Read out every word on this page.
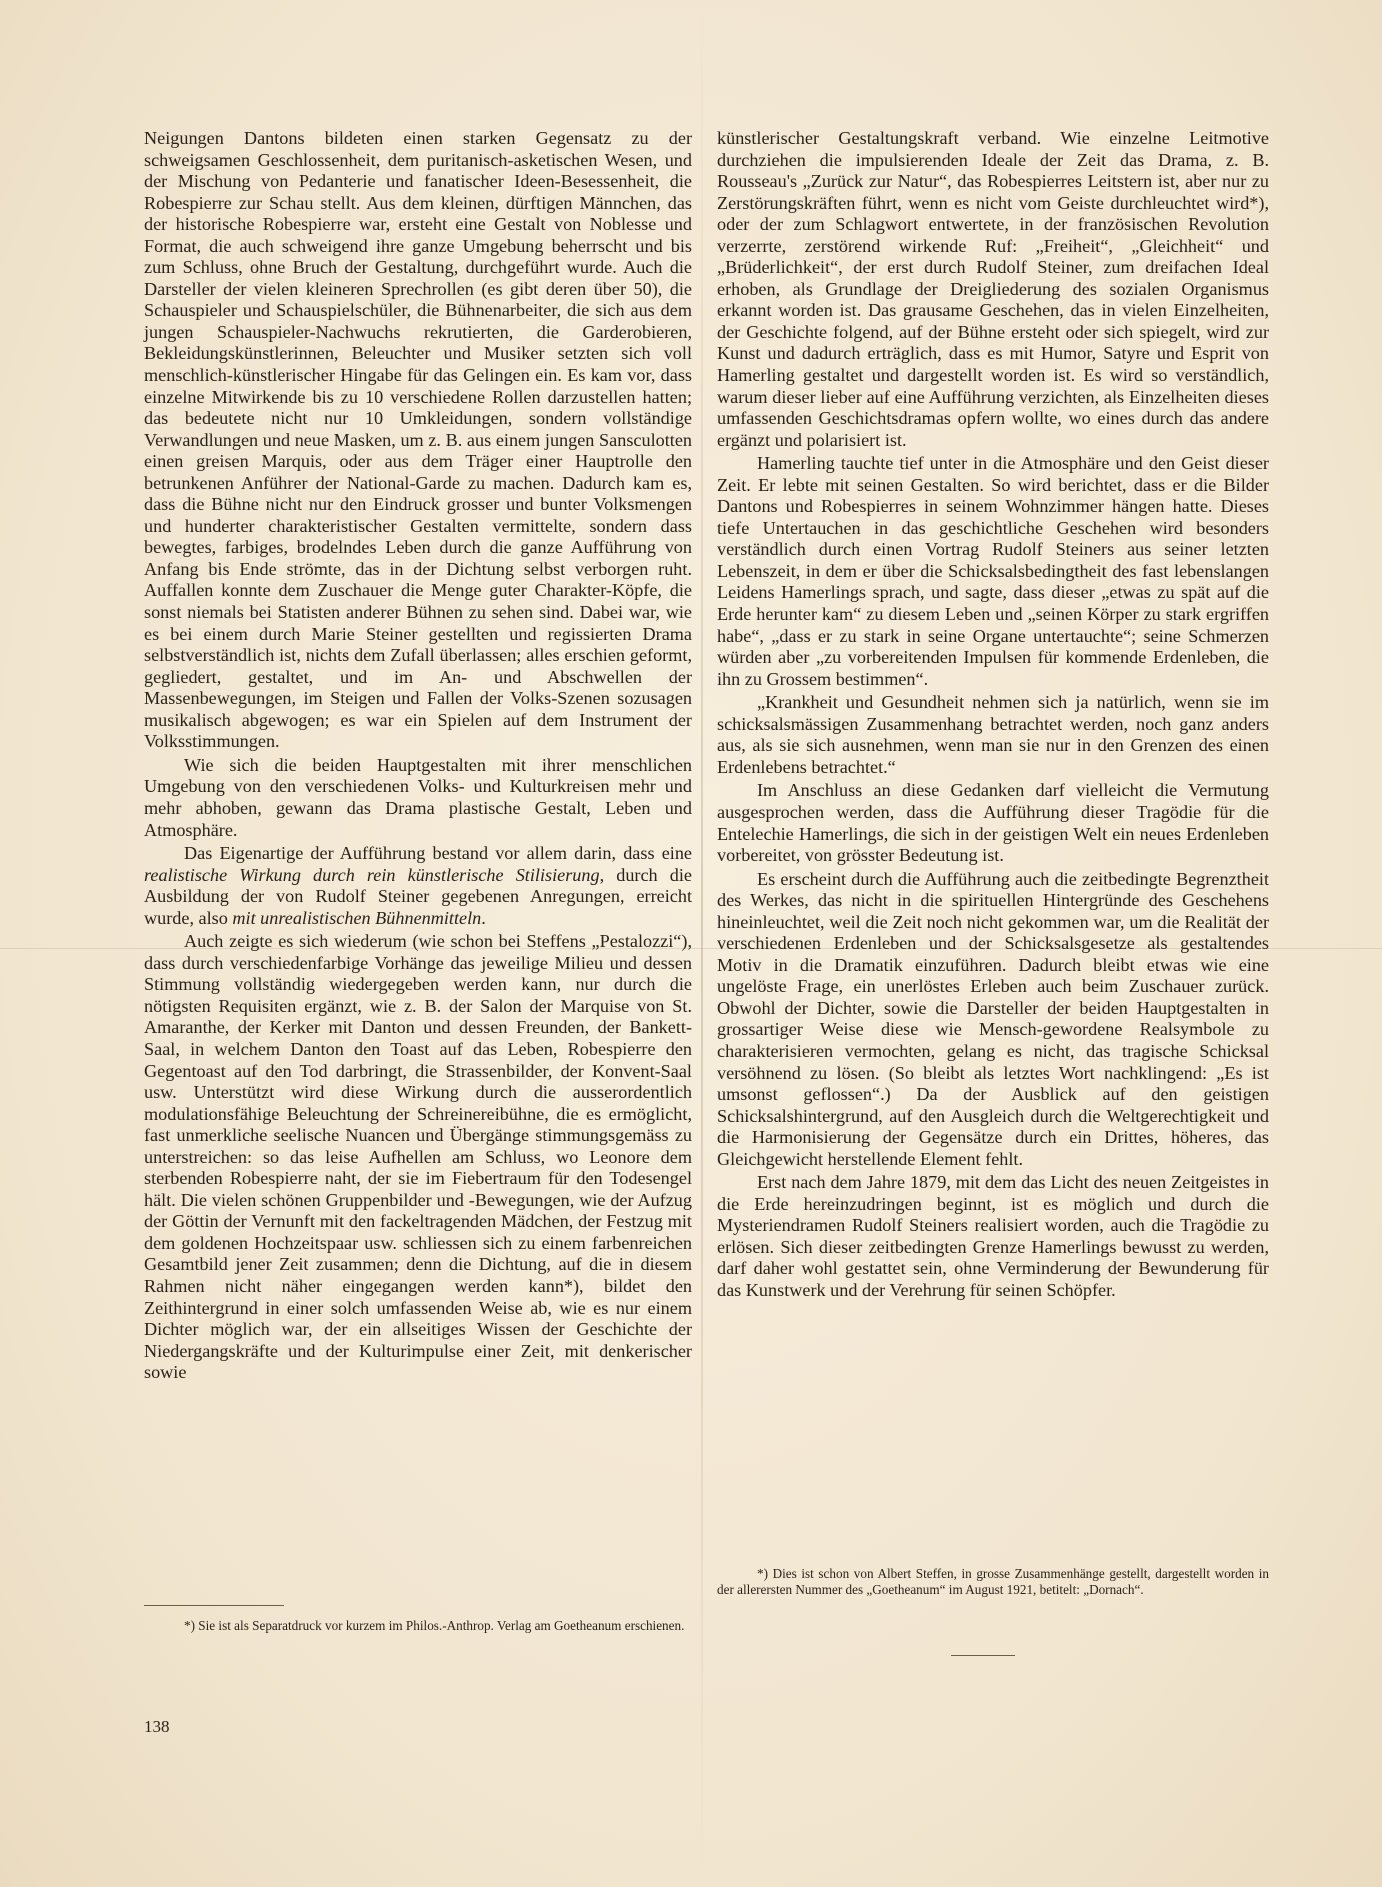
Neigungen Dantons bildeten einen starken Gegensatz zu der schweigsamen Geschlossenheit, dem puritanisch-asketischen Wesen, und der Mischung von Pedanterie und fanatischer Ideen-Besessenheit, die Robespierre zur Schau stellt. Aus dem kleinen, dürftigen Männchen, das der historische Robespierre war, ersteht eine Gestalt von Noblesse und Format, die auch schweigend ihre ganze Umgebung beherrscht und bis zum Schluss, ohne Bruch der Gestaltung, durchgeführt wurde. Auch die Darsteller der vielen kleineren Sprechrollen (es gibt deren über 50), die Schauspieler und Schauspielschüler, die Bühnenarbeiter, die sich aus dem jungen Schauspieler-Nachwuchs rekrutierten, die Garderobieren, Bekleidungskünstlerinnen, Beleuchter und Musiker setzten sich voll menschlich-künstlerischer Hingabe für das Gelingen ein. Es kam vor, dass einzelne Mitwirkende bis zu 10 verschiedene Rollen darzustellen hatten; das bedeutete nicht nur 10 Umkleidungen, sondern vollständige Verwandlungen und neue Masken, um z. B. aus einem jungen Sansculotten einen greisen Marquis, oder aus dem Träger einer Hauptrolle den betrunkenen Anführer der National-Garde zu machen. Dadurch kam es, dass die Bühne nicht nur den Eindruck grosser und bunter Volksmengen und hunderter charakteristischer Gestalten vermittelte, sondern dass bewegtes, farbiges, brodelndes Leben durch die ganze Aufführung von Anfang bis Ende strömte, das in der Dichtung selbst verborgen ruht. Auffallen konnte dem Zuschauer die Menge guter Charakter-Köpfe, die sonst niemals bei Statisten anderer Bühnen zu sehen sind. Dabei war, wie es bei einem durch Marie Steiner gestellten und regissierten Drama selbstverständlich ist, nichts dem Zufall überlassen; alles erschien geformt, gegliedert, gestaltet, und im An- und Abschwellen der Massenbewegungen, im Steigen und Fallen der Volks-Szenen sozusagen musikalisch abgewogen; es war ein Spielen auf dem Instrument der Volksstimmungen.

Wie sich die beiden Hauptgestalten mit ihrer menschlichen Umgebung von den verschiedenen Volks- und Kulturkreisen mehr und mehr abhoben, gewann das Drama plastische Gestalt, Leben und Atmosphäre.

Das Eigenartige der Aufführung bestand vor allem darin, dass eine realistische Wirkung durch rein künstlerische Stilisierung, durch die Ausbildung der von Rudolf Steiner gegebenen Anregungen, erreicht wurde, also mit unrealistischen Bühnenmitteln.

Auch zeigte es sich wiederum (wie schon bei Steffens „Pestalozzi“), dass durch verschiedenfarbige Vorhänge das jeweilige Milieu und dessen Stimmung vollständig wiedergegeben werden kann, nur durch die nötigsten Requisiten ergänzt, wie z. B. der Salon der Marquise von St. Amaranthe, der Kerker mit Danton und dessen Freunden, der Bankett-Saal, in welchem Danton den Toast auf das Leben, Robespierre den Gegentoast auf den Tod darbringt, die Strassenbilder, der Konvent-Saal usw. Unterstützt wird diese Wirkung durch die ausserordentlich modulationsfähige Beleuchtung der Schreinereibühne, die es ermöglicht, fast unmerkliche seelische Nuancen und Übergänge stimmungsgemäss zu unterstreichen: so das leise Aufhellen am Schluss, wo Leonore dem sterbenden Robespierre naht, der sie im Fiebertraum für den Todesengel hält. Die vielen schönen Gruppenbilder und -Bewegungen, wie der Aufzug der Göttin der Vernunft mit den fackeltragenden Mädchen, der Festzug mit dem goldenen Hochzeitspaar usw. schliessen sich zu einem farbenreichen Gesamtbild jener Zeit zusammen; denn die Dichtung, auf die in diesem Rahmen nicht näher eingegangen werden kann*), bildet den Zeithintergrund in einer solch umfassenden Weise ab, wie es nur einem Dichter möglich war, der ein allseitiges Wissen der Geschichte der Niedergangskräfte und der Kulturimpulse einer Zeit, mit denkerischer sowie

künstlerischer Gestaltungskraft verband. Wie einzelne Leitmotive durchziehen die impulsierenden Ideale der Zeit das Drama, z. B. Rousseau's „Zurück zur Natur“, das Robespierres Leitstern ist, aber nur zu Zerstörungskräften führt, wenn es nicht vom Geiste durchleuchtet wird*), oder der zum Schlagwort entwertete, in der französischen Revolution verzerrte, zerstörend wirkende Ruf: „Freiheit“, „Gleichheit“ und „Brüderlichkeit“, der erst durch Rudolf Steiner, zum dreifachen Ideal erhoben, als Grundlage der Dreigliederung des sozialen Organismus erkannt worden ist. Das grausame Geschehen, das in vielen Einzelheiten, der Geschichte folgend, auf der Bühne ersteht oder sich spiegelt, wird zur Kunst und dadurch erträglich, dass es mit Humor, Satyre und Esprit von Hamerling gestaltet und dargestellt worden ist. Es wird so verständlich, warum dieser lieber auf eine Aufführung verzichten, als Einzelheiten dieses umfassenden Geschichtsdramas opfern wollte, wo eines durch das andere ergänzt und polarisiert ist.

Hamerling tauchte tief unter in die Atmosphäre und den Geist dieser Zeit. Er lebte mit seinen Gestalten. So wird berichtet, dass er die Bilder Dantons und Robespierres in seinem Wohnzimmer hängen hatte. Dieses tiefe Untertauchen in das geschichtliche Geschehen wird besonders verständlich durch einen Vortrag Rudolf Steiners aus seiner letzten Lebenszeit, in dem er über die Schicksalsbedingtheit des fast lebenslangen Leidens Hamerlings sprach, und sagte, dass dieser „etwas zu spät auf die Erde herunter kam“ zu diesem Leben und „seinen Körper zu stark ergriffen habe“, „dass er zu stark in seine Organe untertauchte“; seine Schmerzen würden aber „zu vorbereitenden Impulsen für kommende Erdenleben, die ihn zu Grossem bestimmen“.

„Krankheit und Gesundheit nehmen sich ja natürlich, wenn sie im schicksalsmässigen Zusammenhang betrachtet werden, noch ganz anders aus, als sie sich ausnehmen, wenn man sie nur in den Grenzen des einen Erdenlebens betrachtet.“

Im Anschluss an diese Gedanken darf vielleicht die Vermutung ausgesprochen werden, dass die Aufführung dieser Tragödie für die Entelechie Hamerlings, die sich in der geistigen Welt ein neues Erdenleben vorbereitet, von grösster Bedeutung ist.

Es erscheint durch die Aufführung auch die zeitbedingte Begrenztheit des Werkes, das nicht in die spirituellen Hintergründe des Geschehens hineinleuchtet, weil die Zeit noch nicht gekommen war, um die Realität der verschiedenen Erdenleben und der Schicksalsgesetze als gestaltendes Motiv in die Dramatik einzuführen. Dadurch bleibt etwas wie eine ungelöste Frage, ein unerlöstes Erleben auch beim Zuschauer zurück. Obwohl der Dichter, sowie die Darsteller der beiden Hauptgestalten in grossartiger Weise diese wie Mensch-gewordene Realsymbole zu charakterisieren vermochten, gelang es nicht, das tragische Schicksal versöhnend zu lösen. (So bleibt als letztes Wort nachklingend: „Es ist umsonst geflossen“.) Da der Ausblick auf den geistigen Schicksalshintergrund, auf den Ausgleich durch die Weltgerechtigkeit und die Harmonisierung der Gegensätze durch ein Drittes, höheres, das Gleichgewicht herstellende Element fehlt.

Erst nach dem Jahre 1879, mit dem das Licht des neuen Zeitgeistes in die Erde hereinzudringen beginnt, ist es möglich und durch die Mysteriendramen Rudolf Steiners realisiert worden, auch die Tragödie zu erlösen. Sich dieser zeitbedingten Grenze Hamerlings bewusst zu werden, darf daher wohl gestattet sein, ohne Verminderung der Bewunderung für das Kunstwerk und der Verehrung für seinen Schöpfer.

*) Sie ist als Separatdruck vor kurzem im Philos.-Anthrop. Verlag am Goetheanum erschienen.

*) Dies ist schon von Albert Steffen, in grosse Zusammenhänge gestellt, dargestellt worden in der allerersten Nummer des „Goetheanum“ im August 1921, betitelt: „Dornach“.

138
